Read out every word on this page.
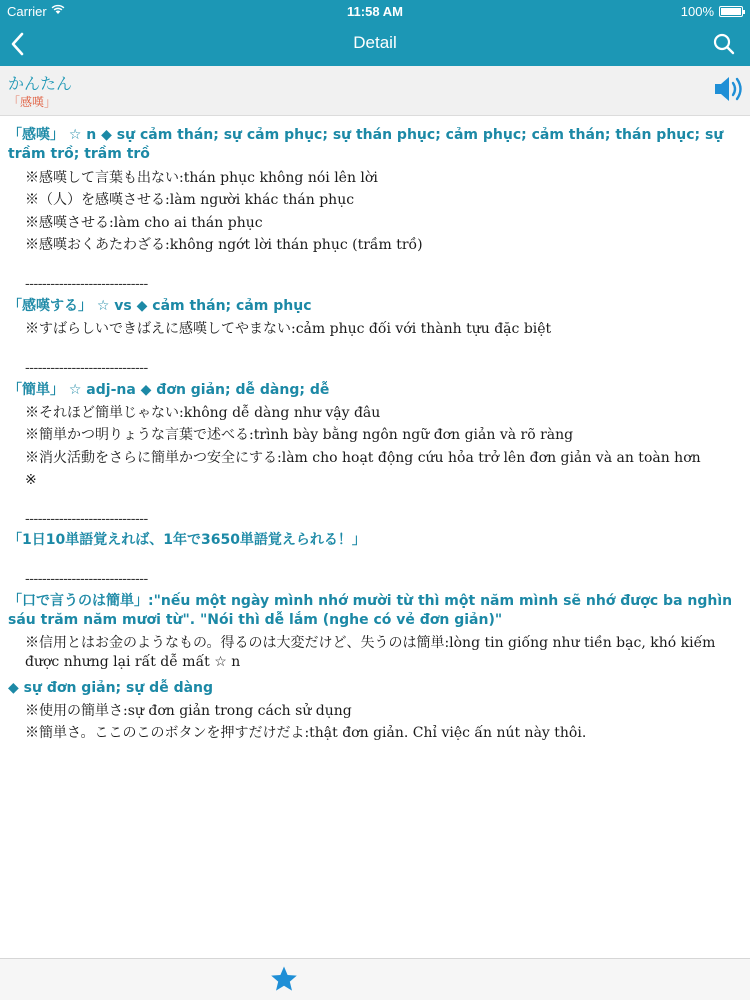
Carrier	11:58 AM	100%
Detail
かんたん
「感嘆」
「感嘆」 ☆ n ◆ sự cảm thán; sự cảm phục; sự thán phục; cảm phục; cảm thán; thán phục; sự trầm trồ; trầm trồ
※感嘆して言葉も出ない:thán phục không nói lên lời
※（人）を感嘆させる:làm người khác thán phục
※感嘆させる:làm cho ai thán phục
※感嘆おくあたわざる:không ngớt lời thán phục (trầm trồ)
-----------------------------
「感嘆する」 ☆ vs ◆ cảm thán; cảm phục
※すばらしいできばえに感嘆してやまない:cảm phục đối với thành tựu đặc biệt
-----------------------------
「簡単」 ☆ adj-na ◆ đơn giản; dễ dàng; dễ
※それほど簡単じゃない:không dễ dàng như vậy đâu
※簡単かつ明りょうな言葉で述べる:trình bày bằng ngôn ngữ đơn giản và rõ ràng
※消火活動をさらに簡単かつ安全にする:làm cho hoạt động cứu hỏa trở lên đơn giản và an toàn hơn
※
-----------------------------
「1日10単語覚えれば、1年で3650単語覚えられる！」
-----------------------------
「口で言うのは簡単」:"nếu một ngày mình nhớ mười từ thì một năm mình sẽ nhớ được ba nghìn sáu trăm năm mươi từ". "Nói thì dễ lắm (nghe có vẻ đơn giản)"
※信用とはお金のようなもの。得るのは大変だけど、失うのは簡単:lòng tin giống như tiền bạc, khó kiếm được nhưng lại rất dễ mất ☆ n
◆ sự đơn giản; sự dễ dàng
※使用の簡単さ:sự đơn giản trong cách sử dụng
※簡単さ。ここのこのボタンを押すだけだよ:thật đơn giản. Chỉ việc ấn nút này thôi.
